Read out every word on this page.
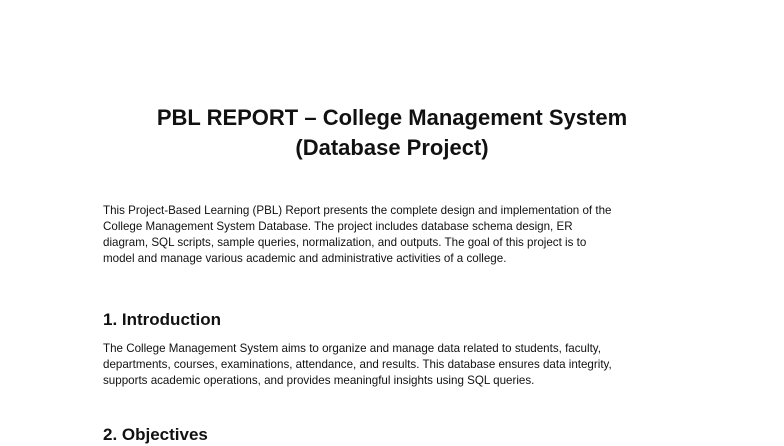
PBL REPORT – College Management System
(Database Project)

This Project-Based Learning (PBL) Report presents the complete design and implementation of the
College Management System Database. The project includes database schema design, ER
diagram, SQL scripts, sample queries, normalization, and outputs. The goal of this project is to
model and manage various academic and administrative activities of a college.

1. Introduction

The College Management System aims to organize and manage data related to students, faculty,
departments, courses, examinations, attendance, and results. This database ensures data integrity,
supports academic operations, and provides meaningful insights using SQL queries.

2. Objectives
